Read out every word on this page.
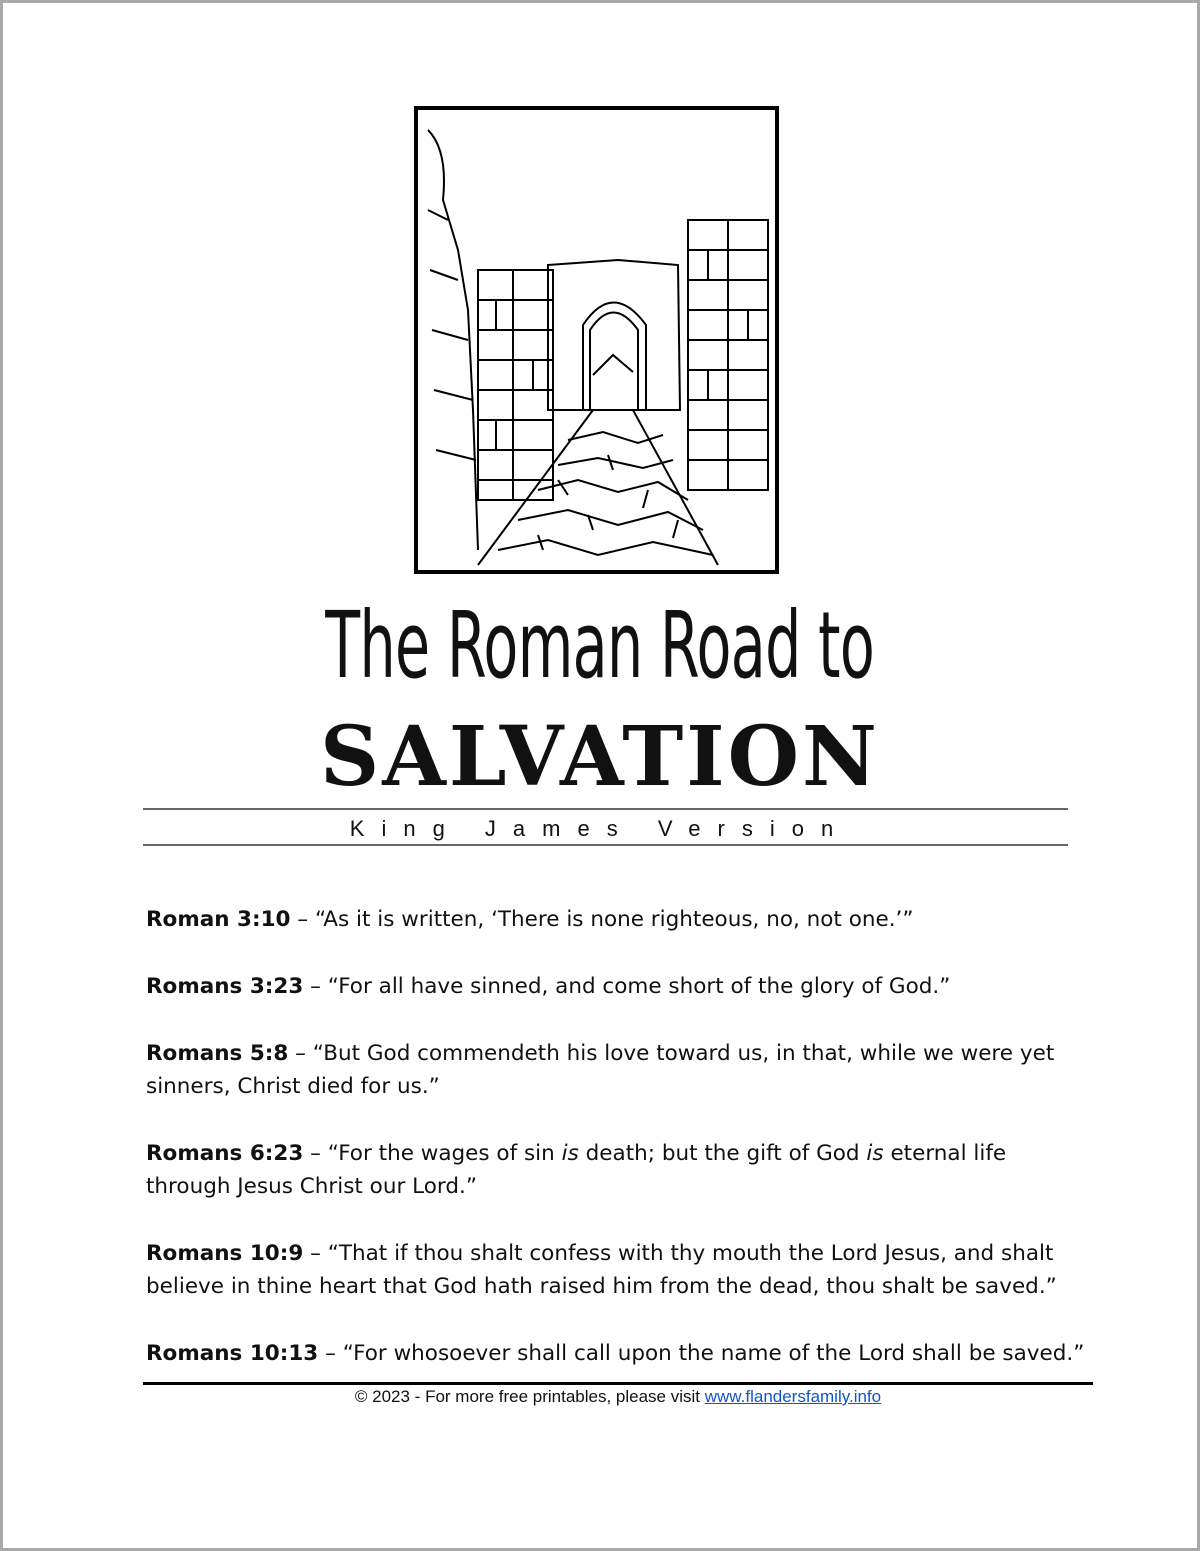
The Roman Road to
SALVATION
King James Version

Roman 3:10 – “As it is written, ‘There is none righteous, no, not one.’”

Romans 3:23 – “For all have sinned, and come short of the glory of God.”

Romans 5:8 – “But God commendeth his love toward us, in that, while we were yet sinners, Christ died for us.”

Romans 6:23 – “For the wages of sin is death; but the gift of God is eternal life through Jesus Christ our Lord.”

Romans 10:9 – “That if thou shalt confess with thy mouth the Lord Jesus, and shalt believe in thine heart that God hath raised him from the dead, thou shalt be saved.”

Romans 10:13 – “For whosoever shall call upon the name of the Lord shall be saved.”

© 2023 - For more free printables, please visit www.flandersfamily.info
